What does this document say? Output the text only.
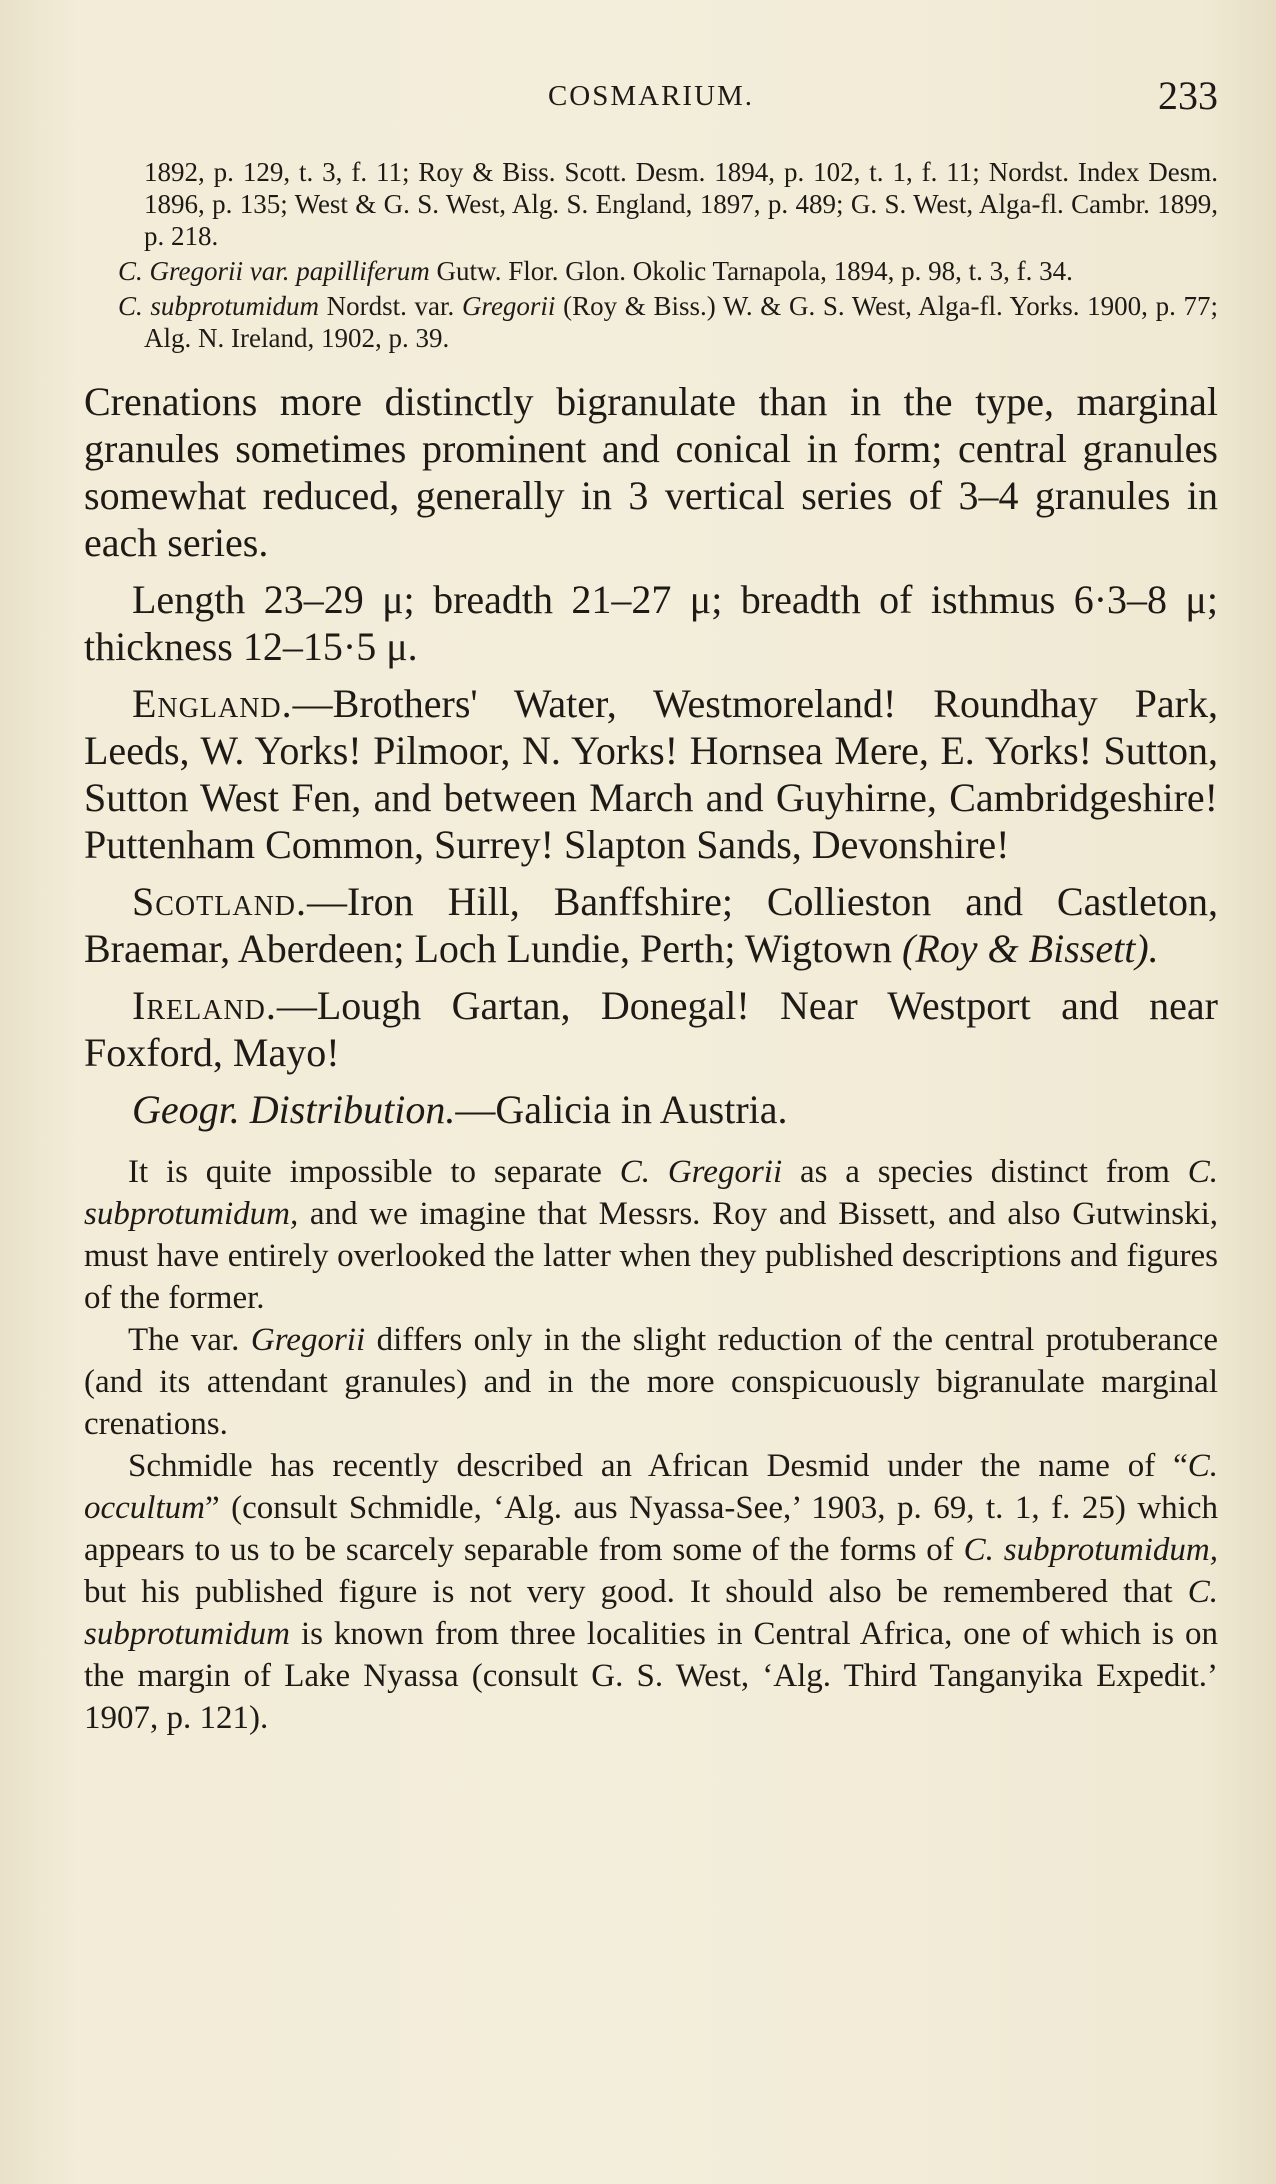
COSMARIUM.	233

1892, p. 129, t. 3, f. 11; Roy & Biss. Scott. Desm. 1894, p. 102, t. 1, f. 11; Nordst. Index Desm. 1896, p. 135; West & G. S. West, Alg. S. England, 1897, p. 489; G. S. West, Alga-fl. Cambr. 1899, p. 218.

C. Gregorii var. papilliferum Gutw. Flor. Glon. Okolic Tarnapola, 1894, p. 98, t. 3, f. 34.

C. subprotumidum Nordst. var. Gregorii (Roy & Biss.) W. & G. S. West, Alga-fl. Yorks. 1900, p. 77; Alg. N. Ireland, 1902, p. 39.

Crenations more distinctly bigranulate than in the type, marginal granules sometimes prominent and conical in form; central granules somewhat reduced, generally in 3 vertical series of 3–4 granules in each series.

Length 23–29 μ; breadth 21–27 μ; breadth of isthmus 6·3–8 μ; thickness 12–15·5 μ.

England.—Brothers' Water, Westmoreland! Roundhay Park, Leeds, W. Yorks! Pilmoor, N. Yorks! Hornsea Mere, E. Yorks! Sutton, Sutton West Fen, and between March and Guyhirne, Cambridgeshire! Puttenham Common, Surrey! Slapton Sands, Devonshire!

Scotland.—Iron Hill, Banffshire; Collieston and Castleton, Braemar, Aberdeen; Loch Lundie, Perth; Wigtown (Roy & Bissett).

Ireland.—Lough Gartan, Donegal! Near Westport and near Foxford, Mayo!

Geogr. Distribution.—Galicia in Austria.

It is quite impossible to separate C. Gregorii as a species distinct from C. subprotumidum, and we imagine that Messrs. Roy and Bissett, and also Gutwinski, must have entirely overlooked the latter when they published descriptions and figures of the former.

The var. Gregorii differs only in the slight reduction of the central protuberance (and its attendant granules) and in the more conspicuously bigranulate marginal crenations.

Schmidle has recently described an African Desmid under the name of “C. occultum” (consult Schmidle, ‘Alg. aus Nyassa-See,’ 1903, p. 69, t. 1, f. 25) which appears to us to be scarcely separable from some of the forms of C. subprotumidum, but his published figure is not very good. It should also be remembered that C. subprotumidum is known from three localities in Central Africa, one of which is on the margin of Lake Nyassa (consult G. S. West, ‘Alg. Third Tanganyika Expedit.’ 1907, p. 121).
